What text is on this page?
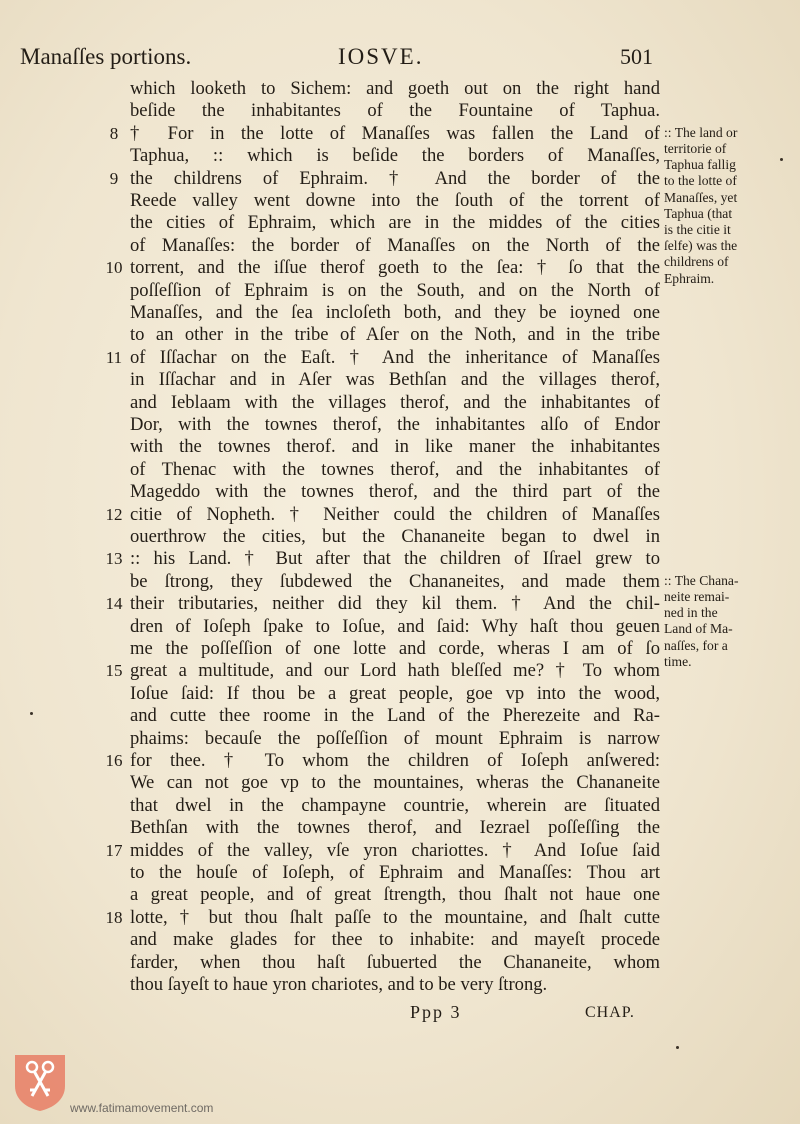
Manaſſes portions.	IOSVE.	501
which looketh to Sichem: and goeth out on the right hand
beſide the inhabitantes of the Fountaine of Taphua.
† For in the lotte of Manaſſes was fallen the Land of
Taphua, :: which is beſide the borders of Manaſſes,
the childrens of Ephraim. † And the border of the
Reede valley went downe into the ſouth of the torrent of
the cities of Ephraim, which are in the middes of the cities
of Manaſſes: the border of Manaſſes on the North of the
torrent, and the iſſue therof goeth to the ſea: † ſo that the
poſſeſſion of Ephraim is on the South, and on the North of
Manaſſes, and the ſea incloſeth both, and they be ioyned one
to an other in the tribe of Aſer on the Noth, and in the tribe
of Iſſachar on the Eaſt. † And the inheritance of Manaſſes
in Iſſachar and in Aſer was Bethſan and the villages therof,
and Ieblaam with the villages therof, and the inhabitantes of
Dor, with the townes therof, the inhabitantes alſo of Endor
with the townes therof. and in like maner the inhabitantes
of Thenac with the townes therof, and the inhabitantes of
Mageddo with the townes therof, and the third part of the
citie of Nopheth. † Neither could the children of Manaſſes
ouerthrow the cities, but the Chananeite began to dwel in
:: his Land. † But after that the children of Iſrael grew to
be ſtrong, they ſubdewed the Chananeites, and made them
their tributaries, neither did they kil them. † And the chil-
dren of Ioſeph ſpake to Ioſue, and ſaid: Why haſt thou geuen
me the poſſeſſion of one lotte and corde, wheras I am of ſo
great a multitude, and our Lord hath bleſſed me? † To whom
Ioſue ſaid: If thou be a great people, goe vp into the wood,
and cutte thee roome in the Land of the Pherezeite and Ra-
phaims: becauſe the poſſeſſion of mount Ephraim is narrow
for thee. † To whom the children of Ioſeph anſwered:
We can not goe vp to the mountaines, wheras the Chananeite
that dwel in the champayne countrie, wherein are ſituated
Bethſan with the townes therof, and Iezrael poſſeſſing the
middes of the valley, vſe yron chariottes. † And Ioſue ſaid
to the houſe of Ioſeph, of Ephraim and Manaſſes: Thou art
a great people, and of great ſtrength, thou ſhalt not haue one
lotte, † but thou ſhalt paſſe to the mountaine, and ſhalt cutte
and make glades for thee to inhabite: and mayeſt procede
farder, when thou haſt ſubuerted the Chananeite, whom
thou ſayeſt to haue yron chariotes, and to be very ſtrong.
8
9
10
11
12
13
14
15
16
17
18
:: The land or
territorie of
Taphua fallig
to the lotte of
Manaſſes, yet
Taphua (that
is the citie it
ſelfe) was the
childrens of
Ephraim.
:: The Chana-
neite remai-
ned in the
Land of Ma-
naſſes, for a
time.
Ppp 3	CHAP.
www.fatimamovement.com
